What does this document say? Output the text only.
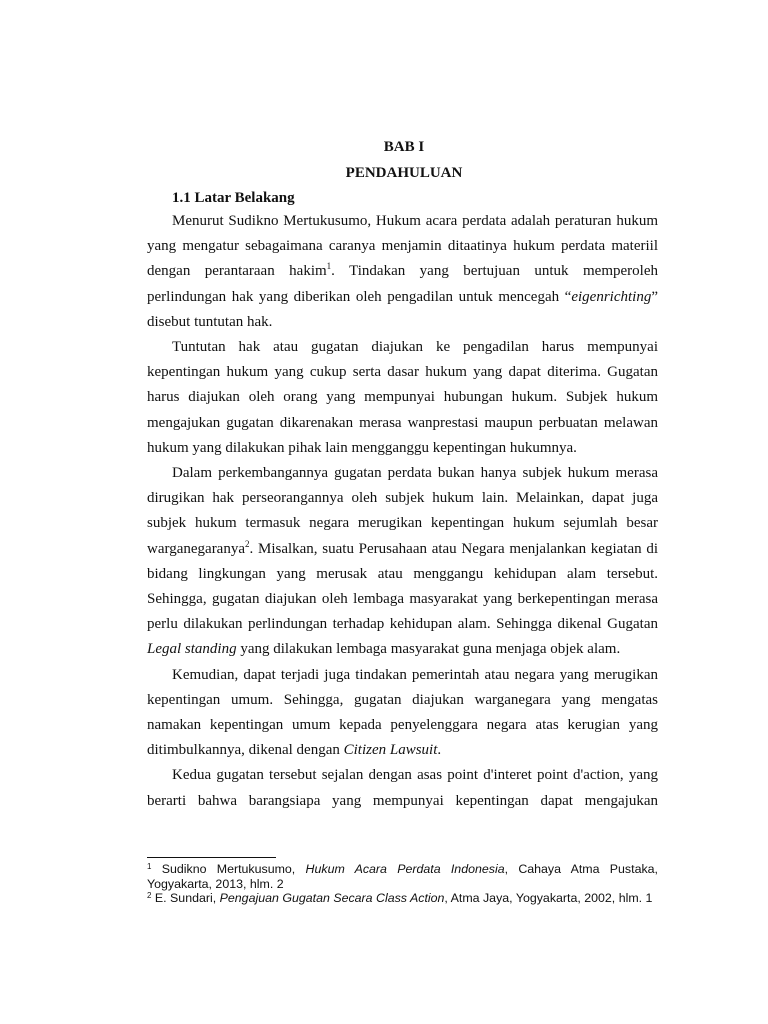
BAB I
PENDAHULUAN
1.1 Latar Belakang

Menurut Sudikno Mertukusumo, Hukum acara perdata adalah peraturan hukum yang mengatur sebagaimana caranya menjamin ditaatinya hukum perdata materiil dengan perantaraan hakim$^1$. Tindakan yang bertujuan untuk memperoleh perlindungan hak yang diberikan oleh pengadilan untuk mencegah “eigenrichting” disebut tuntutan hak.

Tuntutan hak atau gugatan diajukan ke pengadilan harus mempunyai kepentingan hukum yang cukup serta dasar hukum yang dapat diterima. Gugatan harus diajukan oleh orang yang mempunyai hubungan hukum. Subjek hukum mengajukan gugatan dikarenakan merasa wanprestasi maupun perbuatan melawan hukum yang dilakukan pihak lain mengganggu kepentingan hukumnya.

Dalam perkembangannya gugatan perdata bukan hanya subjek hukum merasa dirugikan hak perseorangannya oleh subjek hukum lain. Melainkan, dapat juga subjek hukum termasuk negara merugikan kepentingan hukum sejumlah besar warganegaranya$^2$. Misalkan, suatu Perusahaan atau Negara menjalankan kegiatan di bidang lingkungan yang merusak atau menggangu kehidupan alam tersebut. Sehingga, gugatan diajukan oleh lembaga masyarakat yang berkepentingan merasa perlu dilakukan perlindungan terhadap kehidupan alam. Sehingga dikenal Gugatan Legal standing yang dilakukan lembaga masyarakat guna menjaga objek alam.

Kemudian, dapat terjadi juga tindakan pemerintah atau negara yang merugikan kepentingan umum. Sehingga, gugatan diajukan warganegara yang mengatas namakan kepentingan umum kepada penyelenggara negara atas kerugian yang ditimbulkannya, dikenal dengan Citizen Lawsuit.

Kedua gugatan tersebut sejalan dengan asas point d'interet point d'action, yang berarti bahwa barangsiapa yang mempunyai kepentingan dapat mengajukan

$^1$ Sudikno Mertukusumo, Hukum Acara Perdata Indonesia, Cahaya Atma Pustaka, Yogyakarta, 2013, hlm. 2

$^2$ E. Sundari, Pengajuan Gugatan Secara Class Action, Atma Jaya, Yogyakarta, 2002, hlm. 1
